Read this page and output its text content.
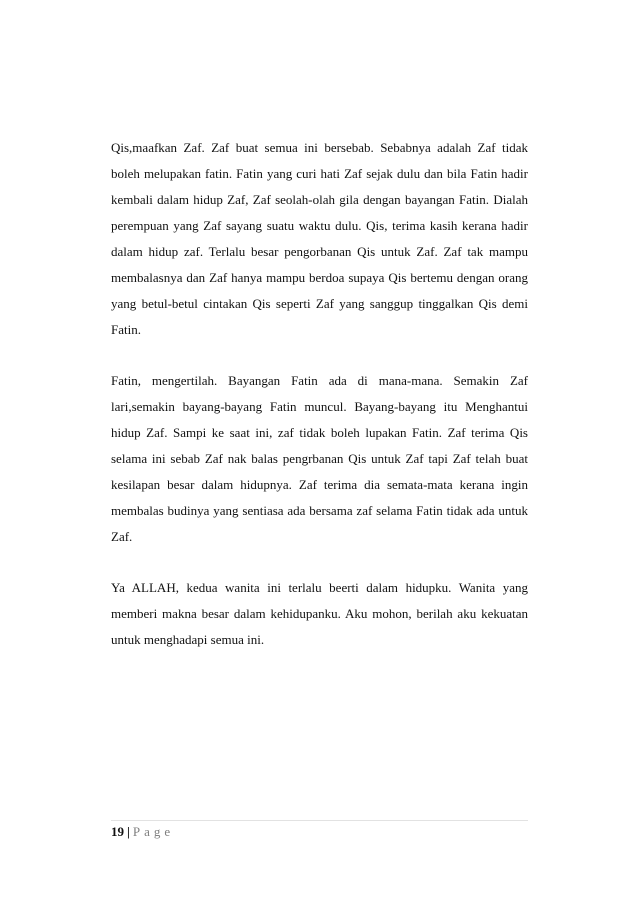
Qis,maafkan Zaf. Zaf buat semua ini bersebab. Sebabnya adalah Zaf tidak boleh melupakan fatin. Fatin yang curi hati Zaf sejak dulu dan bila Fatin hadir kembali dalam hidup Zaf, Zaf seolah-olah gila dengan bayangan Fatin. Dialah perempuan yang Zaf sayang suatu waktu dulu. Qis, terima kasih kerana hadir dalam hidup zaf. Terlalu besar pengorbanan Qis untuk Zaf. Zaf tak mampu membalasnya dan Zaf hanya mampu berdoa supaya Qis bertemu dengan orang yang betul-betul cintakan Qis seperti Zaf yang sanggup tinggalkan Qis demi Fatin.

Fatin, mengertilah. Bayangan Fatin ada di mana-mana. Semakin Zaf lari,semakin bayang-bayang Fatin muncul. Bayang-bayang itu Menghantui hidup Zaf. Sampi ke saat ini, zaf tidak boleh lupakan Fatin. Zaf terima Qis selama ini sebab Zaf nak balas pengrbanan Qis untuk Zaf tapi Zaf telah buat kesilapan besar dalam hidupnya. Zaf terima dia semata-mata kerana ingin membalas budinya yang sentiasa ada bersama zaf selama Fatin tidak ada untuk Zaf.

Ya ALLAH, kedua wanita ini terlalu beerti dalam hidupku. Wanita yang memberi makna besar dalam kehidupanku. Aku mohon, berilah aku kekuatan untuk menghadapi semua ini.

19 | Page
